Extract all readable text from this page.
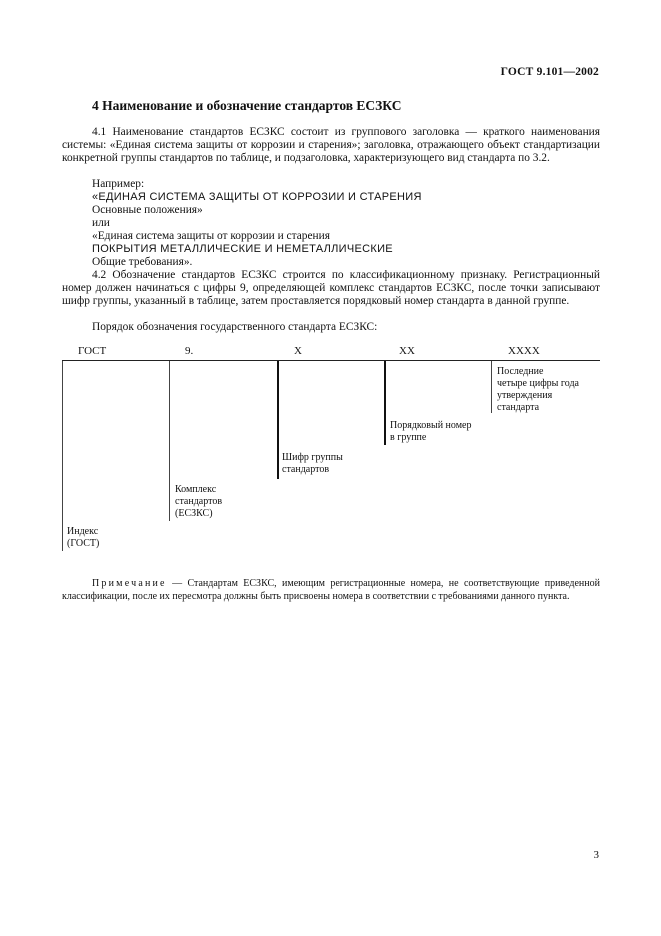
ГОСТ 9.101—2002
4 Наименование и обозначение стандартов ЕСЗКС
4.1 Наименование стандартов ЕСЗКС состоит из группового заголовка — краткого наименования системы: «Единая система защиты от коррозии и старения»; заголовка, отражающего объект стандартизации конкретной группы стандартов по таблице, и подзаголовка, характеризующего вид стандарта по 3.2.
Например:
«ЕДИНАЯ СИСТЕМА ЗАЩИТЫ ОТ КОРРОЗИИ И СТАРЕНИЯ
Основные положения»
или
«Единая система защиты от коррозии и старения
ПОКРЫТИЯ МЕТАЛЛИЧЕСКИЕ И НЕМЕТАЛЛИЧЕСКИЕ
Общие требования».
4.2 Обозначение стандартов ЕСЗКС строится по классификационному признаку. Регистрационный номер должен начинаться с цифры 9, определяющей комплекс стандартов ЕСЗКС, после точки записывают шифр группы, указанный в таблице, затем проставляется порядковый номер стандарта в данной группе.
Порядок обозначения государственного стандарта ЕСЗКС:
ГОСТ	9.	Х	ХХ	ХХХХ
Последние
четыре цифры года
утверждения
стандарта
Порядковый номер
в группе
Шифр группы
стандартов
Комплекс
стандартов
(ЕСЗКС)
Индекс
(ГОСТ)
Примечание — Стандартам ЕСЗКС, имеющим регистрационные номера, не соответствующие приведенной классификации, после их пересмотра должны быть присвоены номера в соответствии с требованиями данного пункта.
3
